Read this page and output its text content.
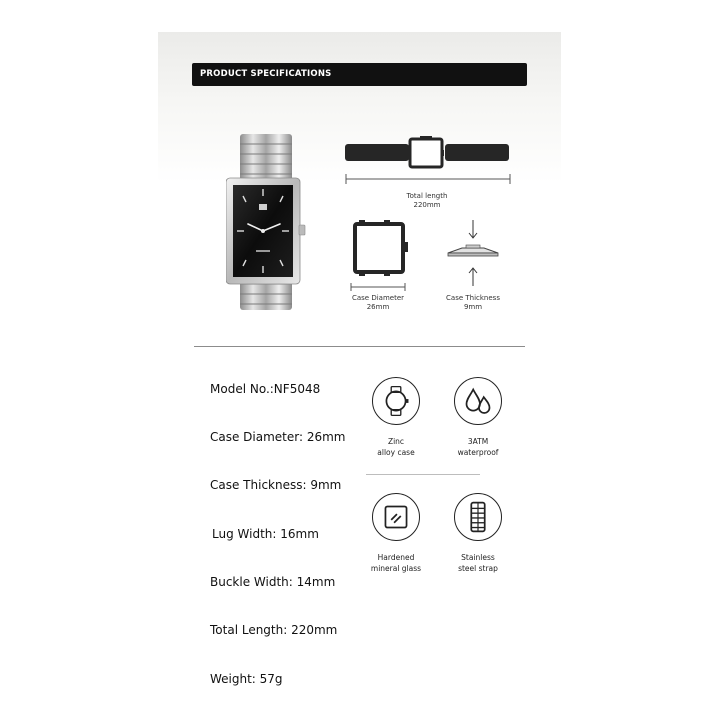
PRODUCT SPECIFICATIONS
Total length
220mm
Case Diameter
26mm
Case Thickness
9mm
Model No.:NF5048
Case Diameter: 26mm
Case Thickness: 9mm
Lug Width: 16mm
Buckle Width: 14mm
Total Length: 220mm
Weight: 57g
Zinc
alloy case
3ATM
waterproof
Hardened
mineral glass
Stainless
steel strap
